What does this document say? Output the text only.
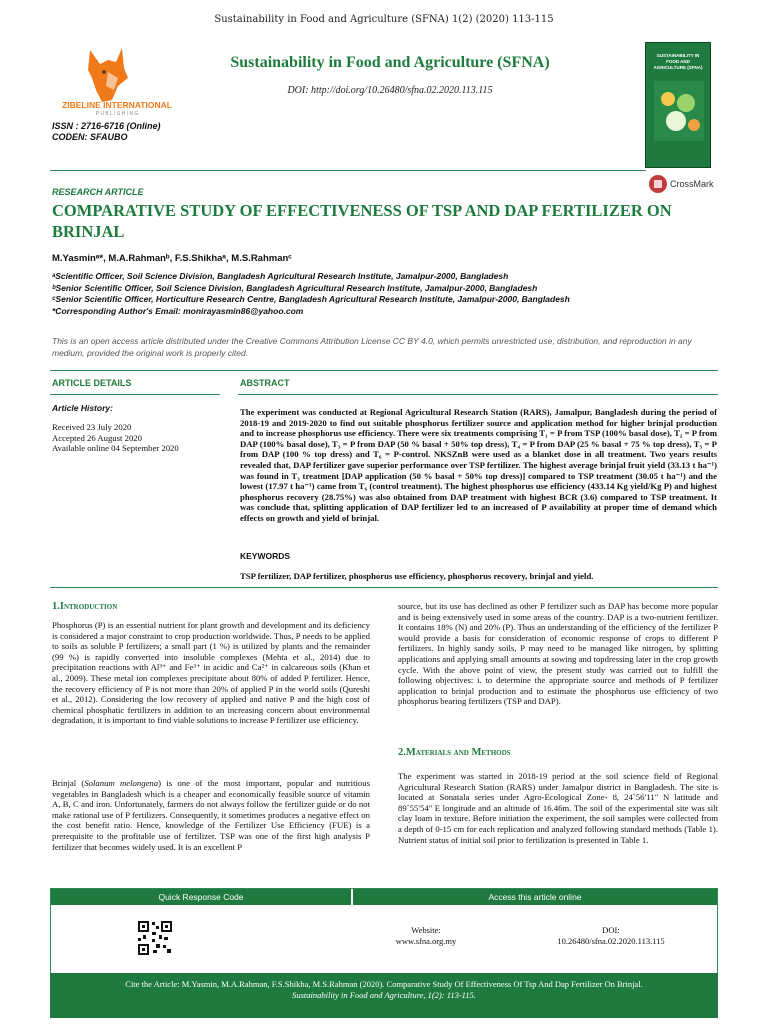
Sustainability in Food and Agriculture (SFNA) 1(2) (2020) 113-115
ZIBELINE INTERNATIONAL
P U B L I S H I N G
Sustainability in Food and Agriculture (SFNA)
DOI: http://doi.org/10.26480/sfna.02.2020.113.115
ISSN : 2716-6716 (Online)
CODEN: SFAUBO
SUSTAINABILITY IN FOOD AND AGRICULTURE (SFNA)
CrossMark
RESEARCH ARTICLE
COMPARATIVE STUDY OF EFFECTIVENESS OF TSP AND DAP FERTILIZER ON BRINJAL
M.Yasminᵃ*, M.A.Rahmanᵇ, F.S.Shikhaᵃ, M.S.Rahmanᶜ
ᵃScientific Officer, Soil Science Division, Bangladesh Agricultural Research Institute, Jamalpur-2000, Bangladesh
ᵇSenior Scientific Officer, Soil Science Division, Bangladesh Agricultural Research Institute, Jamalpur-2000, Bangladesh
ᶜSenior Scientific Officer, Horticulture Research Centre, Bangladesh Agricultural Research Institute, Jamalpur-2000, Bangladesh
*Corresponding Author's Email: monirayasmin86@yahoo.com
This is an open access article distributed under the Creative Commons Attribution License CC BY 4.0, which permits unrestricted use, distribution, and reproduction in any medium, provided the original work is properly cited.
ARTICLE DETAILS	ABSTRACT
Article History:
Received 23 July 2020
Accepted 26 August 2020
Available online 04 September 2020
The experiment was conducted at Regional Agricultural Research Station (RARS), Jamalpur, Bangladesh during the period of 2018-19 and 2019-2020 to find out suitable phosphorus fertilizer source and application method for higher brinjal production and to increase phosphorus use efficiency. There were six treatments comprising T₁ = P from TSP (100% basal dose), T₂ = P from DAP (100% basal dose), T₃ = P from DAP (50 % basal + 50% top dress), T₄ = P from DAP (25 % basal + 75 % top dress), T₅ = P from DAP (100 % top dress) and T₆ = P-control. NKSZnB were used as a blanket dose in all treatment. Two years results revealed that, DAP fertilizer gave superior performance over TSP fertilizer. The highest average brinjal fruit yield (33.13 t ha⁻¹) was found in T₃ treatment [DAP application (50 % basal + 50% top dress)] compared to TSP treatment (30.05 t ha⁻¹) and the lowest (17.97 t ha⁻¹) came from T₆ (control treatment). The highest phosphorus use efficiency (433.14 Kg yield/Kg P) and highest phosphorus recovery (28.75%) was also obtained from DAP treatment with highest BCR (3.6) compared to TSP treatment. It was conclude that, splitting application of DAP fertilizer led to an increased of P availability at proper time of demand which effects on growth and yield of brinjal.
KEYWORDS
TSP fertilizer, DAP fertilizer, phosphorus use efficiency, phosphorus recovery, brinjal and yield.
1.Introduction
Phosphorus (P) is an essential nutrient for plant growth and development and its deficiency is considered a major constraint to crop production worldwide. Thus, P needs to be applied to soils as soluble P fertilizers; a small part (1 %) is utilized by plants and the remainder (99 %) is rapidly converted into insoluble complexes (Mehta et al., 2014) due to precipitation reactions with Al³⁺ and Fe³⁺ in acidic and Ca²⁺ in calcareous soils (Khan et al., 2009). These metal ion complexes precipitate about 80% of added P fertilizer. Hence, the recovery efficiency of P is not more than 20% of applied P in the world soils (Qureshi et al., 2012). Considering the low recovery of applied and native P and the high cost of chemical phosphatic fertilizers in addition to an increasing concern about environmental degradation, it is important to find viable solutions to increase P fertilizer use efficiency.
Brinjal (Solanum melongena) is one of the most important, popular and nutritious vegetables in Bangladesh which is a cheaper and economically feasible source of vitamin A, B, C and iron. Unfortunately, farmers do not always follow the fertilizer guide or do not make rational use of P fertilizers. Consequently, it sometimes produces a negative effect on the cost benefit ratio. Hence, knowledge of the Fertilizer Use Efficiency (FUE) is a prerequisite to the profitable use of fertilizer. TSP was one of the first high analysis P fertilizer that becomes widely used. It is an excellent P
source, but its use has declined as other P fertilizer such as DAP has become more popular and is being extensively used in some areas of the country. DAP is a two-nutrient fertilizer. It contains 18% (N) and 20% (P). Thus an understanding of the efficiency of the fertilizer P would provide a basis for consideration of economic response of crops to different P fertilizers. In highly sandy soils, P may need to be managed like nitrogen, by splitting applications and applying small amounts at sowing and topdressing later in the crop growth cycle. With the above point of view, the present study was carried out to fulfill the following objectives: i. to determine the appropriate source and methods of P fertilizer application to brinjal production and to estimate the phosphorus use efficiency of two phosphorus bearing fertilizers (TSP and DAP).
2.Materials and Methods
The experiment was started in 2018-19 period at the soil science field of Regional Agricultural Research Station (RARS) under Jamalpur district in Bangladesh. The site is located at Sonatala series under Agro-Ecological Zone- 8, 24˚56ʹ11ʺ N latitude and 89˚55ʹ54ʺ E longitude and an altitude of 16.46m. The soil of the experimental site was silt clay loam in texture. Before initiation the experiment, the soil samples were collected from a depth of 0-15 cm for each replication and analyzed following standard methods (Table 1). Nutrient status of initial soil prior to fertilization is presented in Table 1.
Quick Response Code	Access this article online
Website:
www.sfna.org.my
DOI:
10.26480/sfna.02.2020.113.115
Cite the Article: M.Yasmin, M.A.Rahman, F.S.Shikha, M.S.Rahman (2020). Comparative Study Of Effectiveness Of Tsp And Dap Fertilizer On Brinjal.
Sustainability in Food and Agriculture, 1(2): 113-115.
